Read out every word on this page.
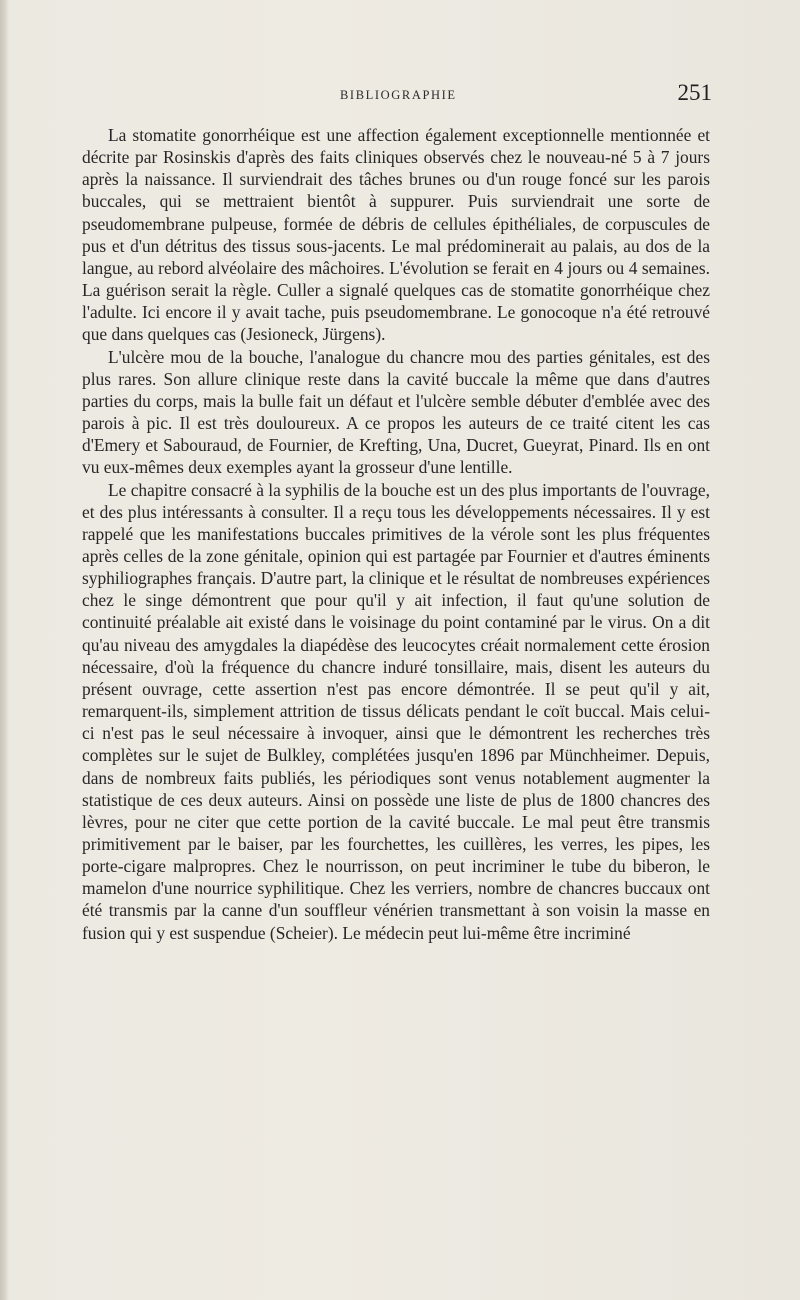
BIBLIOGRAPHIE	251

La stomatite gonorrhéique est une affection également exceptionnelle mentionnée et décrite par Rosinskis d'après des faits cliniques observés chez le nouveau-né 5 à 7 jours après la naissance. Il surviendrait des tâches brunes ou d'un rouge foncé sur les parois buccales, qui se mettraient bientôt à suppurer. Puis surviendrait une sorte de pseudomembrane pulpeuse, formée de débris de cellules épithéliales, de corpuscules de pus et d'un détritus des tissus sous-jacents. Le mal prédominerait au palais, au dos de la langue, au rebord alvéolaire des mâchoires. L'évolution se ferait en 4 jours ou 4 semaines. La guérison serait la règle. Culler a signalé quelques cas de stomatite gonorrhéique chez l'adulte. Ici encore il y avait tache, puis pseudomembrane. Le gonocoque n'a été retrouvé que dans quelques cas (Jesioneck, Jürgens).

L'ulcère mou de la bouche, l'analogue du chancre mou des parties génitales, est des plus rares. Son allure clinique reste dans la cavité buccale la même que dans d'autres parties du corps, mais la bulle fait un défaut et l'ulcère semble débuter d'emblée avec des parois à pic. Il est très douloureux. A ce propos les auteurs de ce traité citent les cas d'Emery et Sabouraud, de Fournier, de Krefting, Una, Ducret, Gueyrat, Pinard. Ils en ont vu eux-mêmes deux exemples ayant la grosseur d'une lentille.

Le chapitre consacré à la syphilis de la bouche est un des plus importants de l'ouvrage, et des plus intéressants à consulter. Il a reçu tous les développements nécessaires. Il y est rappelé que les manifestations buccales primitives de la vérole sont les plus fréquentes après celles de la zone génitale, opinion qui est partagée par Fournier et d'autres éminents syphiliographes français. D'autre part, la clinique et le résultat de nombreuses expériences chez le singe démontrent que pour qu'il y ait infection, il faut qu'une solution de continuité préalable ait existé dans le voisinage du point contaminé par le virus. On a dit qu'au niveau des amygdales la diapédèse des leucocytes créait normalement cette érosion nécessaire, d'où la fréquence du chancre induré tonsillaire, mais, disent les auteurs du présent ouvrage, cette assertion n'est pas encore démontrée. Il se peut qu'il y ait, remarquent-ils, simplement attrition de tissus délicats pendant le coït buccal. Mais celui-ci n'est pas le seul nécessaire à invoquer, ainsi que le démontrent les recherches très complètes sur le sujet de Bulkley, complétées jusqu'en 1896 par Münchheimer. Depuis, dans de nombreux faits publiés, les périodiques sont venus notablement augmenter la statistique de ces deux auteurs. Ainsi on possède une liste de plus de 1800 chancres des lèvres, pour ne citer que cette portion de la cavité buccale. Le mal peut être transmis primitivement par le baiser, par les fourchettes, les cuillères, les verres, les pipes, les porte-cigare malpropres. Chez le nourrisson, on peut incriminer le tube du biberon, le mamelon d'une nourrice syphilitique. Chez les verriers, nombre de chancres buccaux ont été transmis par la canne d'un souffleur vénérien transmettant à son voisin la masse en fusion qui y est suspendue (Scheier). Le médecin peut lui-même être incriminé
